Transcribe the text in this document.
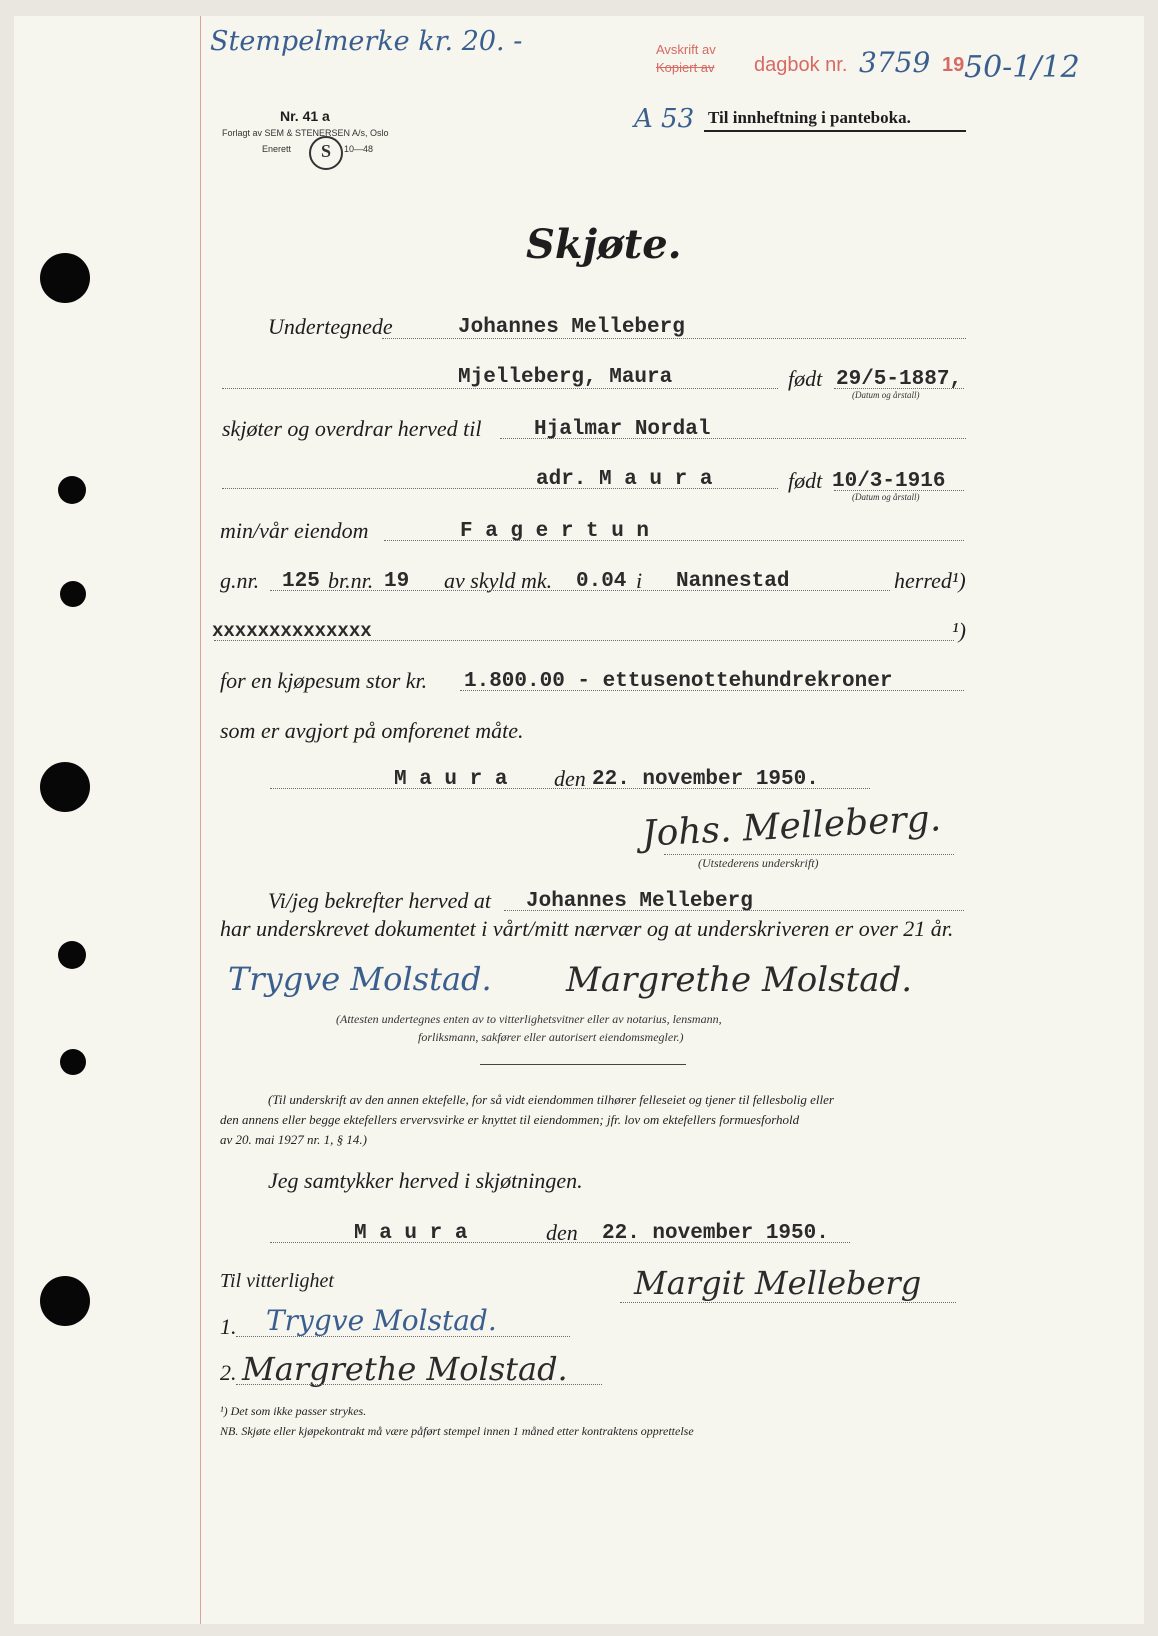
Stempelmerke kr. 20. -	Avskrift av
Kopiert av dagbok nr. 3759 19 50-1/12
A 53 Til innheftning i panteboka.
Nr. 41 a
Forlagt av SEM & STENERSEN A/s, Oslo
Enerett	S	10—48
Skjøte.
Undertegnede	Johannes Melleberg
Mjelleberg, Maura	født 29/5-1887,
(Datum og årstall)
skjøter og overdrar herved til	Hjalmar Nordal
adr. M a u r a	født 10/3-1916
(Datum og årstall)
min/vår eiendom	F a g e r t u n
g.nr. 125 br.nr. 19 av skyld mk. 0.04 i Nannestad	herred¹)
xxxxxxxxxxxxxx	¹)
for en kjøpesum stor kr. 1.800.00 - ettusenottehundrekroner
som er avgjort på omforenet måte.
M a u r a den 22. november 1950.
Johs. Melleberg.
(Utstederens underskrift)
Vi/jeg bekrefter herved at Johannes Melleberg
har underskrevet dokumentet i vårt/mitt nærvær og at underskriveren er over 21 år.
Trygve Molstad. Margrethe Molstad.
(Attesten undertegnes enten av to vitterlighetsvitner eller av notarius, lensmann,
forliksmann, sakfører eller autorisert eiendomsmegler.)
(Til underskrift av den annen ektefelle, for så vidt eiendommen tilhører felleseiet og tjener til fellesbolig eller
den annens eller begge ektefellers ervervsvirke er knyttet til eiendommen; jfr. lov om ektefellers formuesforhold
av 20. mai 1927 nr. 1, § 14.)
Jeg samtykker herved i skjøtningen.
M a u r a	den 22. november 1950.
Til vitterlighet	Margit Melleberg
1. Trygve Molstad.
2. Margrethe Molstad.
¹) Det som ikke passer strykes.
NB. Skjøte eller kjøpekontrakt må være påført stempel innen 1 måned etter kontraktens opprettelse
